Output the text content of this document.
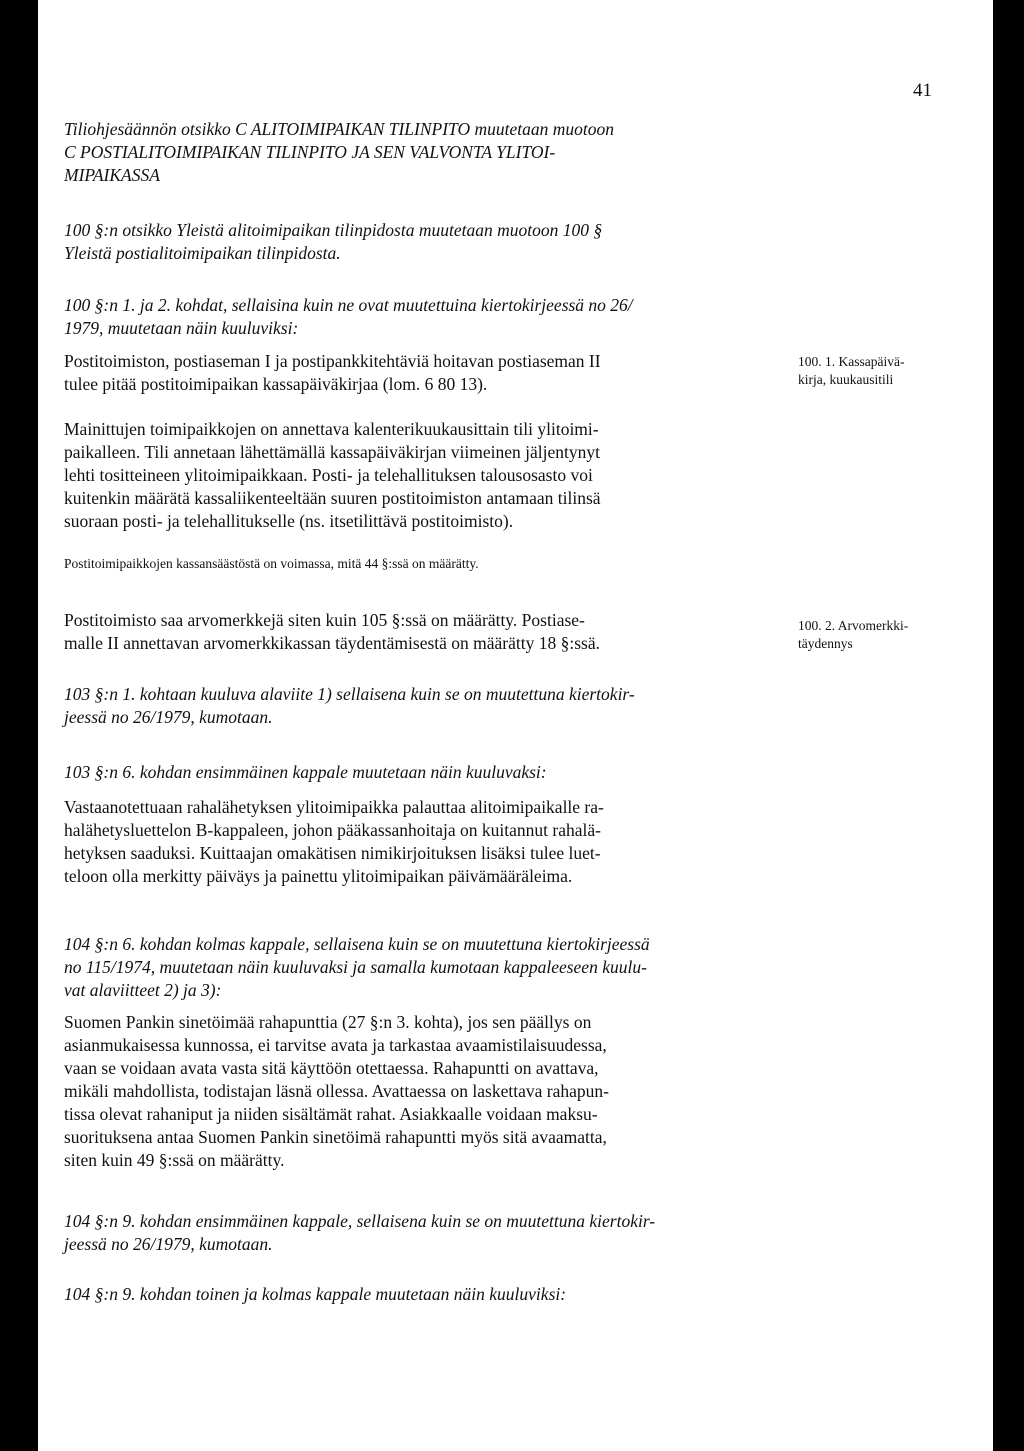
41
Tiliohjesäännön otsikko C ALITOIMIPAIKAN TILINPITO muutetaan muotoon
C POSTIALITOIMIPAIKAN TILINPITO JA SEN VALVONTA YLITOI-
MIPAIKASSA
100 §:n otsikko Yleistä alitoimipaikan tilinpidosta muutetaan muotoon 100 §
Yleistä postialitoimipaikan tilinpidosta.
100 §:n 1. ja 2. kohdat, sellaisina kuin ne ovat muutettuina kiertokirjeessä no 26/
1979, muutetaan näin kuuluviksi:
Postitoimiston, postiaseman I ja postipankkitehtäviä hoitavan postiaseman II
tulee pitää postitoimipaikan kassapäiväkirjaa (lom. 6 80 13).
Mainittujen toimipaikkojen on annettava kalenterikuukausittain tili ylitoimi-
paikalleen. Tili annetaan lähettämällä kassapäiväkirjan viimeinen jäljentynyt
lehti tositteineen ylitoimipaikkaan. Posti- ja telehallituksen talousosasto voi
kuitenkin määrätä kassaliikenteeltään suuren postitoimiston antamaan tilinsä
suoraan posti- ja telehallitukselle (ns. itsetilittävä postitoimisto).
Postitoimipaikkojen kassansäästöstä on voimassa, mitä 44 §:ssä on määrätty.
Postitoimisto saa arvomerkkejä siten kuin 105 §:ssä on määrätty. Postiase-
malle II annettavan arvomerkkikassan täydentämisestä on määrätty 18 §:ssä.
103 §:n 1. kohtaan kuuluva alaviite 1) sellaisena kuin se on muutettuna kiertokir-
jeessä no 26/1979, kumotaan.
103 §:n 6. kohdan ensimmäinen kappale muutetaan näin kuuluvaksi:
Vastaanotettuaan rahalähetyksen ylitoimipaikka palauttaa alitoimipaikalle ra-
halähetysluettelon B-kappaleen, johon pääkassanhoitaja on kuitannut rahalä-
hetyksen saaduksi. Kuittaajan omakätisen nimikirjoituksen lisäksi tulee luet-
teloon olla merkitty päiväys ja painettu ylitoimipaikan päivämääräleima.
104 §:n 6. kohdan kolmas kappale, sellaisena kuin se on muutettuna kiertokirjeessä
no 115/1974, muutetaan näin kuuluvaksi ja samalla kumotaan kappaleeseen kuulu-
vat alaviitteet 2) ja 3):
Suomen Pankin sinetöimää rahapunttia (27 §:n 3. kohta), jos sen päällys on
asianmukaisessa kunnossa, ei tarvitse avata ja tarkastaa avaamistilaisuudessa,
vaan se voidaan avata vasta sitä käyttöön otettaessa. Rahapuntti on avattava,
mikäli mahdollista, todistajan läsnä ollessa. Avattaessa on laskettava rahapun-
tissa olevat rahaniput ja niiden sisältämät rahat. Asiakkaalle voidaan maksu-
suorituksena antaa Suomen Pankin sinetöimä rahapuntti myös sitä avaamatta,
siten kuin 49 §:ssä on määrätty.
104 §:n 9. kohdan ensimmäinen kappale, sellaisena kuin se on muutettuna kiertokir-
jeessä no 26/1979, kumotaan.
104 §:n 9. kohdan toinen ja kolmas kappale muutetaan näin kuuluviksi:
100. 1. Kassapäivä-
kirja, kuukausitili
100. 2. Arvomerkki-
täydennys
